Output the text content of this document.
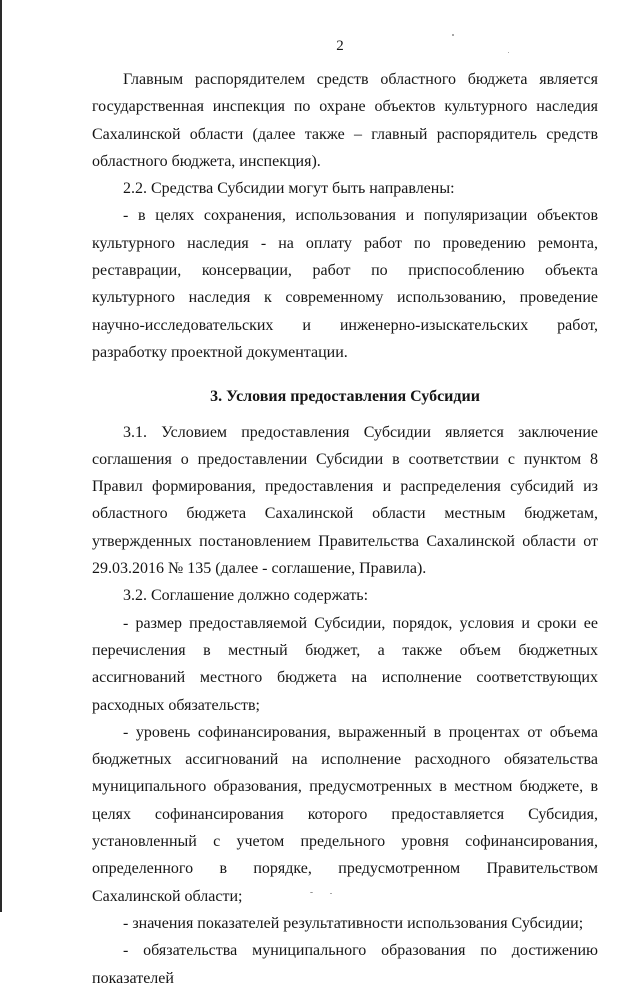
2

Главным распорядителем средств областного бюджета является государственная инспекция по охране объектов культурного наследия Сахалинской области (далее также – главный распорядитель средств областного бюджета, инспекция).

2.2. Средства Субсидии могут быть направлены:

- в целях сохранения, использования и популяризации объектов культурного наследия - на оплату работ по проведению ремонта, реставрации, консервации, работ по приспособлению объекта культурного наследия к современному использованию, проведение научно-исследовательских и инженерно-изыскательских работ, разработку проектной документации.

3. Условия предоставления Субсидии

3.1. Условием предоставления Субсидии является заключение соглашения о предоставлении Субсидии в соответствии с пунктом 8 Правил формирования, предоставления и распределения субсидий из областного бюджета Сахалинской области местным бюджетам, утвержденных постановлением Правительства Сахалинской области от 29.03.2016 № 135 (далее - соглашение, Правила).

3.2. Соглашение должно содержать:

- размер предоставляемой Субсидии, порядок, условия и сроки ее перечисления в местный бюджет, а также объем бюджетных ассигнований местного бюджета на исполнение соответствующих расходных обязательств;

- уровень софинансирования, выраженный в процентах от объема бюджетных ассигнований на исполнение расходного обязательства муниципального образования, предусмотренных в местном бюджете, в целях софинансирования которого предоставляется Субсидия, установленный с учетом предельного уровня софинансирования, определенного в порядке, предусмотренном Правительством Сахалинской области;

- значения показателей результативности использования Субсидии;

- обязательства муниципального образования по достижению показателей
